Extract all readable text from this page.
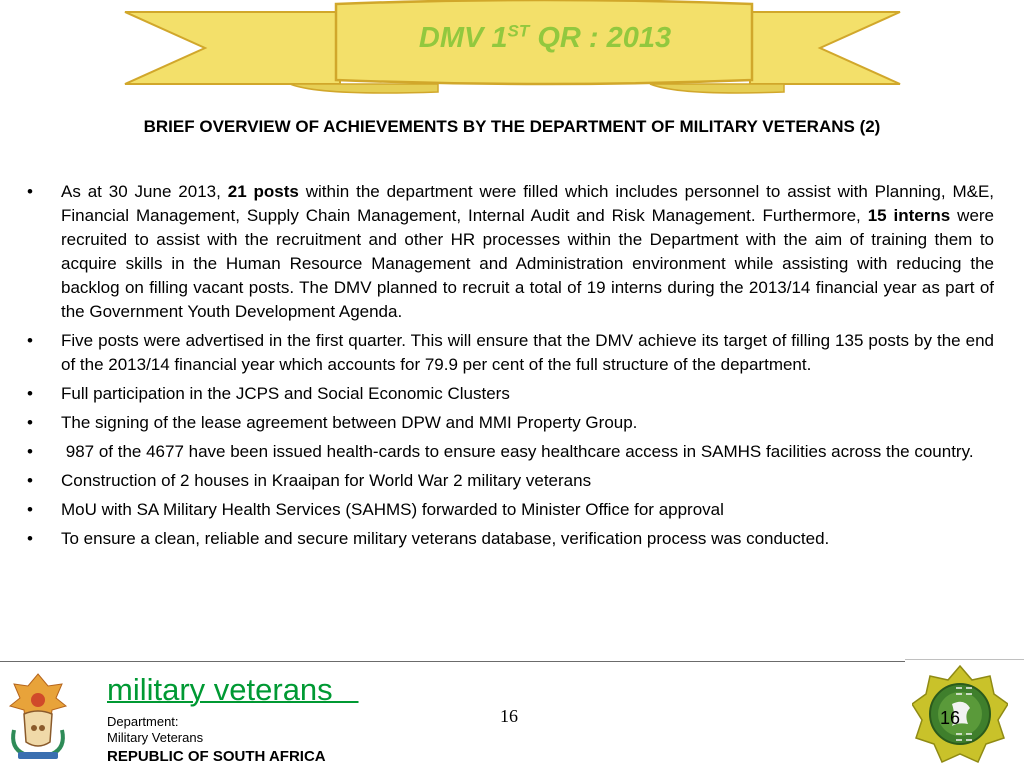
DMV 1ST QR : 2013
BRIEF OVERVIEW OF ACHIEVEMENTS BY THE DEPARTMENT OF MILITARY VETERANS (2)
• As at 30 June 2013, 21 posts within the department were filled which includes personnel to assist with Planning, M&E, Financial Management, Supply Chain Management, Internal Audit and Risk Management. Furthermore, 15 interns were recruited to assist with the recruitment and other HR processes within the Department with the aim of training them to acquire skills in the Human Resource Management and Administration environment while assisting with reducing the backlog on filling vacant posts. The DMV planned to recruit a total of 19 interns during the 2013/14 financial year as part of the Government Youth Development Agenda.
• Five posts were advertised in the first quarter. This will ensure that the DMV achieve its target of filling 135 posts by the end of the 2013/14 financial year which accounts for 79.9 per cent of the full structure of the department.
• Full participation in the JCPS and Social Economic Clusters
• The signing of the lease agreement between DPW and MMI Property Group.
• 987 of the 4677 have been issued health-cards to ensure easy healthcare access in SAMHS facilities across the country.
• Construction of 2 houses in Kraaipan for World War 2 military veterans
• MoU with SA Military Health Services (SAHMS) forwarded to Minister Office for approval
• To ensure a clean, reliable and secure military veterans database, verification process was conducted.
military veterans
Department:
Military Veterans
REPUBLIC OF SOUTH AFRICA
16	16
